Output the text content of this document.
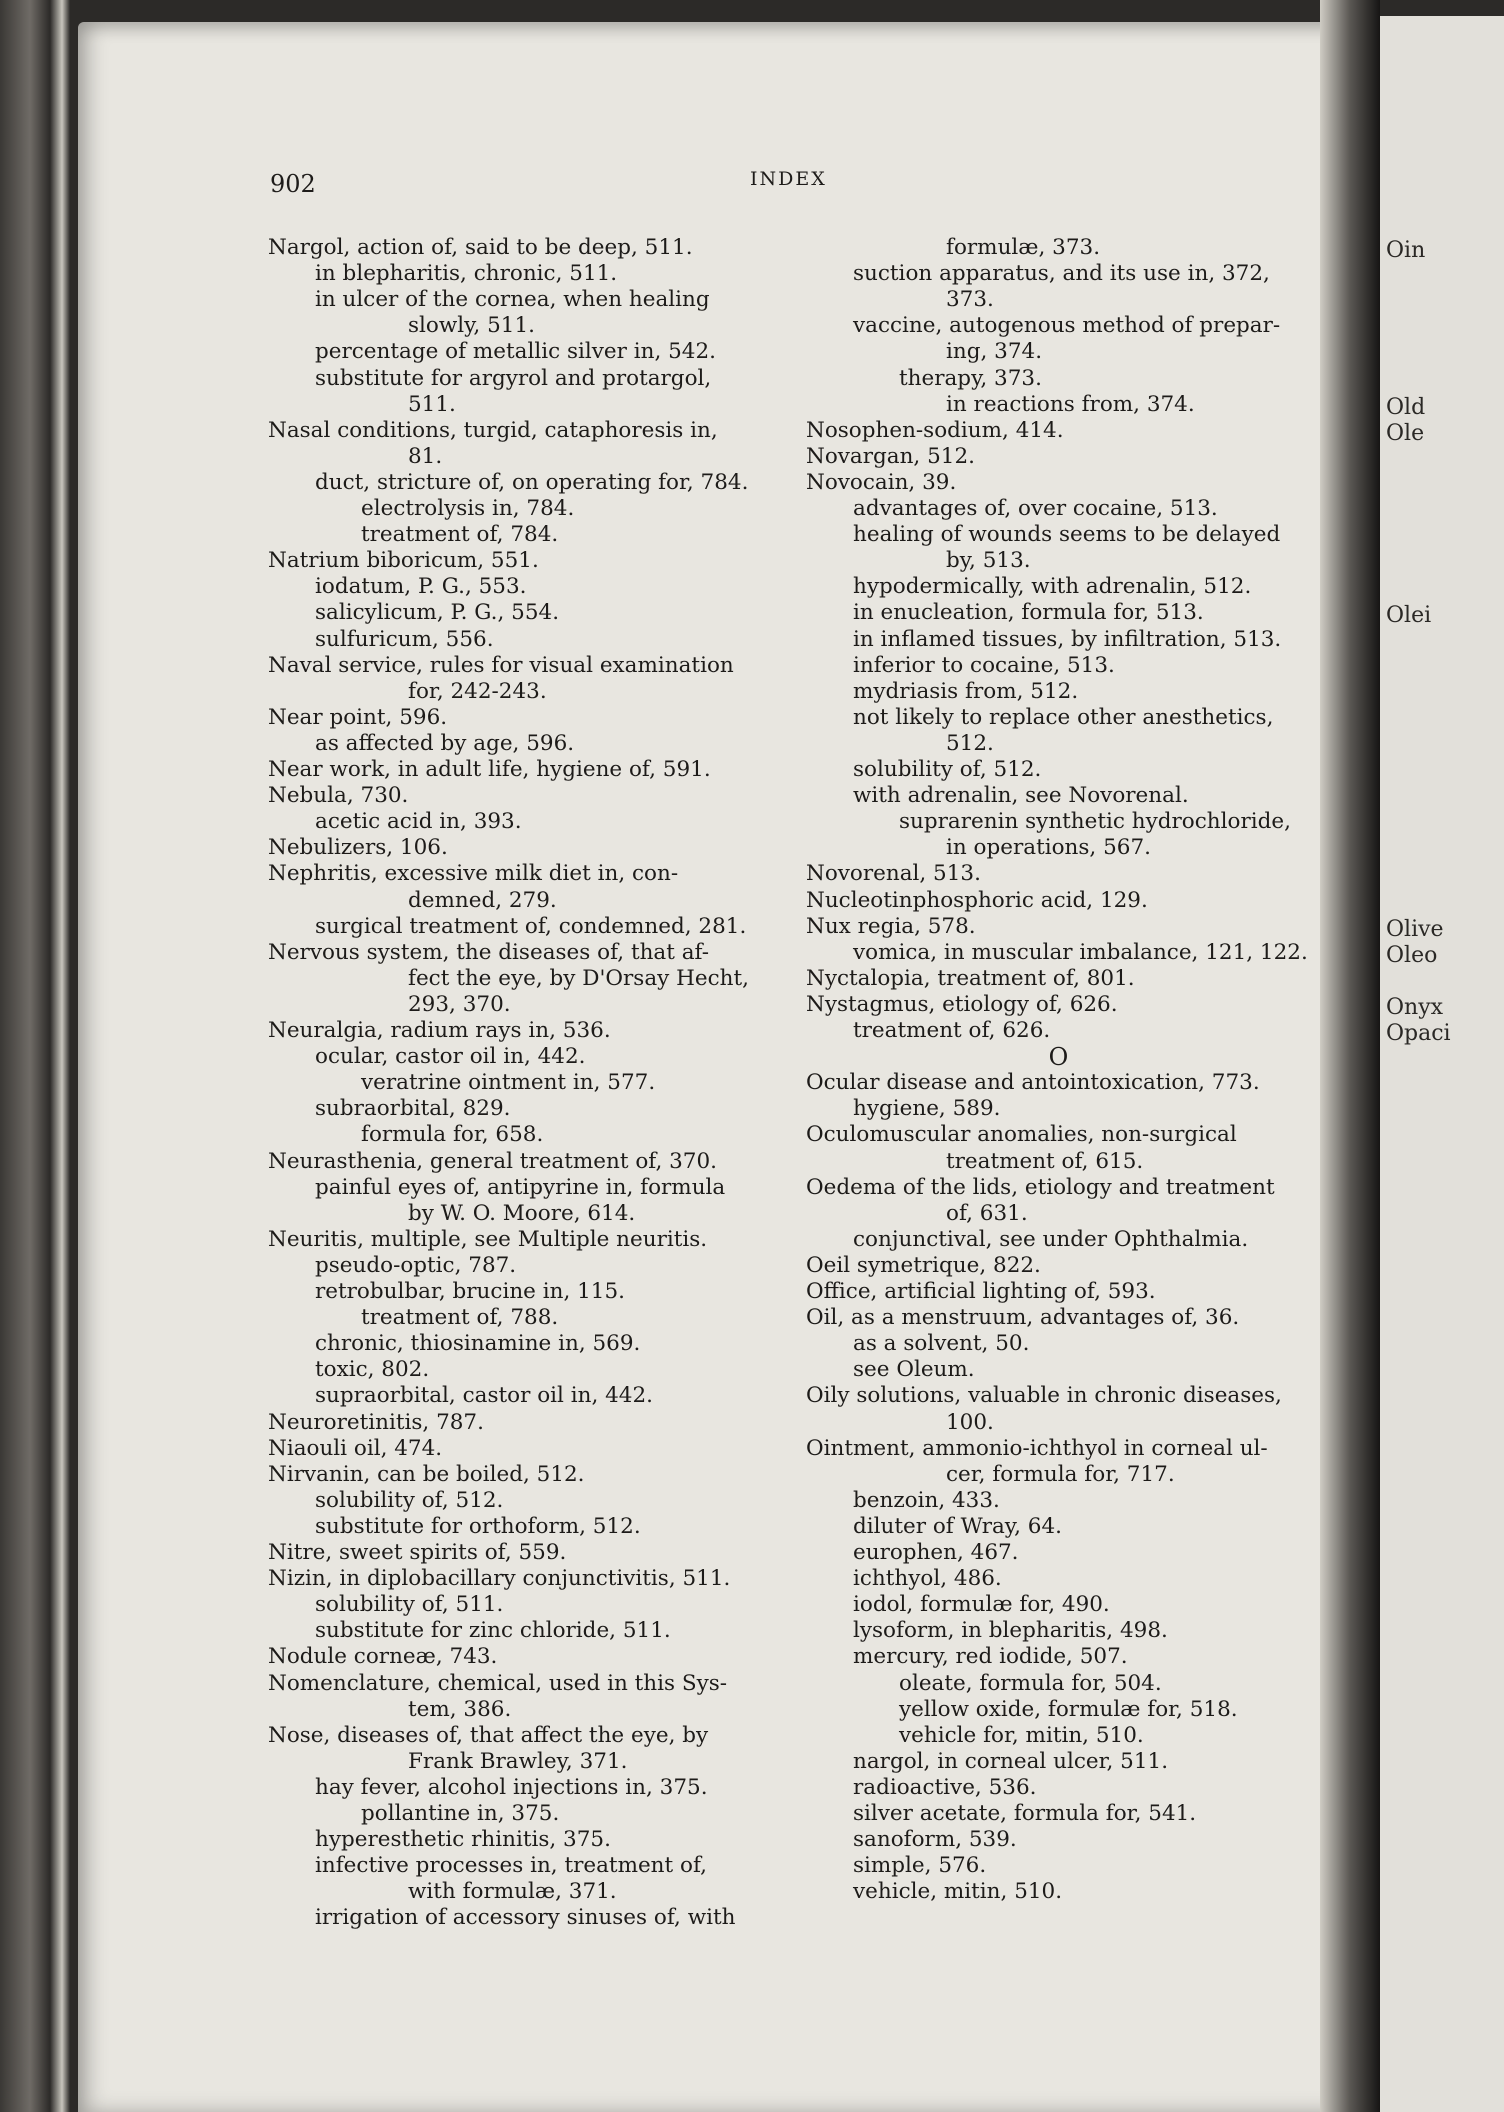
Oin
Old
Ole
Olei
Olive
Oleo
Onyx
Opaci
902	INDEX
Nargol, action of, said to be deep, 511.
in blepharitis, chronic, 511.
in ulcer of the cornea, when healing
slowly, 511.
percentage of metallic silver in, 542.
substitute for argyrol and protargol,
511.
Nasal conditions, turgid, cataphoresis in,
81.
duct, stricture of, on operating for, 784.
electrolysis in, 784.
treatment of, 784.
Natrium biboricum, 551.
iodatum, P. G., 553.
salicylicum, P. G., 554.
sulfuricum, 556.
Naval service, rules for visual examination
for, 242-243.
Near point, 596.
as affected by age, 596.
Near work, in adult life, hygiene of, 591.
Nebula, 730.
acetic acid in, 393.
Nebulizers, 106.
Nephritis, excessive milk diet in, con-
demned, 279.
surgical treatment of, condemned, 281.
Nervous system, the diseases of, that af-
fect the eye, by D'Orsay Hecht,
293, 370.
Neuralgia, radium rays in, 536.
ocular, castor oil in, 442.
veratrine ointment in, 577.
subraorbital, 829.
formula for, 658.
Neurasthenia, general treatment of, 370.
painful eyes of, antipyrine in, formula
by W. O. Moore, 614.
Neuritis, multiple, see Multiple neuritis.
pseudo-optic, 787.
retrobulbar, brucine in, 115.
treatment of, 788.
chronic, thiosinamine in, 569.
toxic, 802.
supraorbital, castor oil in, 442.
Neuroretinitis, 787.
Niaouli oil, 474.
Nirvanin, can be boiled, 512.
solubility of, 512.
substitute for orthoform, 512.
Nitre, sweet spirits of, 559.
Nizin, in diplobacillary conjunctivitis, 511.
solubility of, 511.
substitute for zinc chloride, 511.
Nodule corneæ, 743.
Nomenclature, chemical, used in this Sys-
tem, 386.
Nose, diseases of, that affect the eye, by
Frank Brawley, 371.
hay fever, alcohol injections in, 375.
pollantine in, 375.
hyperesthetic rhinitis, 375.
infective processes in, treatment of,
with formulæ, 371.
irrigation of accessory sinuses of, with
formulæ, 373.
suction apparatus, and its use in, 372,
373.
vaccine, autogenous method of prepar-
ing, 374.
therapy, 373.
in reactions from, 374.
Nosophen-sodium, 414.
Novargan, 512.
Novocain, 39.
advantages of, over cocaine, 513.
healing of wounds seems to be delayed
by, 513.
hypodermically, with adrenalin, 512.
in enucleation, formula for, 513.
in inflamed tissues, by infiltration, 513.
inferior to cocaine, 513.
mydriasis from, 512.
not likely to replace other anesthetics,
512.
solubility of, 512.
with adrenalin, see Novorenal.
suprarenin synthetic hydrochloride,
in operations, 567.
Novorenal, 513.
Nucleotinphosphoric acid, 129.
Nux regia, 578.
vomica, in muscular imbalance, 121, 122.
Nyctalopia, treatment of, 801.
Nystagmus, etiology of, 626.
treatment of, 626.
O
Ocular disease and antointoxication, 773.
hygiene, 589.
Oculomuscular anomalies, non-surgical
treatment of, 615.
Oedema of the lids, etiology and treatment
of, 631.
conjunctival, see under Ophthalmia.
Oeil symetrique, 822.
Office, artificial lighting of, 593.
Oil, as a menstruum, advantages of, 36.
as a solvent, 50.
see Oleum.
Oily solutions, valuable in chronic diseases,
100.
Ointment, ammonio-ichthyol in corneal ul-
cer, formula for, 717.
benzoin, 433.
diluter of Wray, 64.
europhen, 467.
ichthyol, 486.
iodol, formulæ for, 490.
lysoform, in blepharitis, 498.
mercury, red iodide, 507.
oleate, formula for, 504.
yellow oxide, formulæ for, 518.
vehicle for, mitin, 510.
nargol, in corneal ulcer, 511.
radioactive, 536.
silver acetate, formula for, 541.
sanoform, 539.
simple, 576.
vehicle, mitin, 510.
